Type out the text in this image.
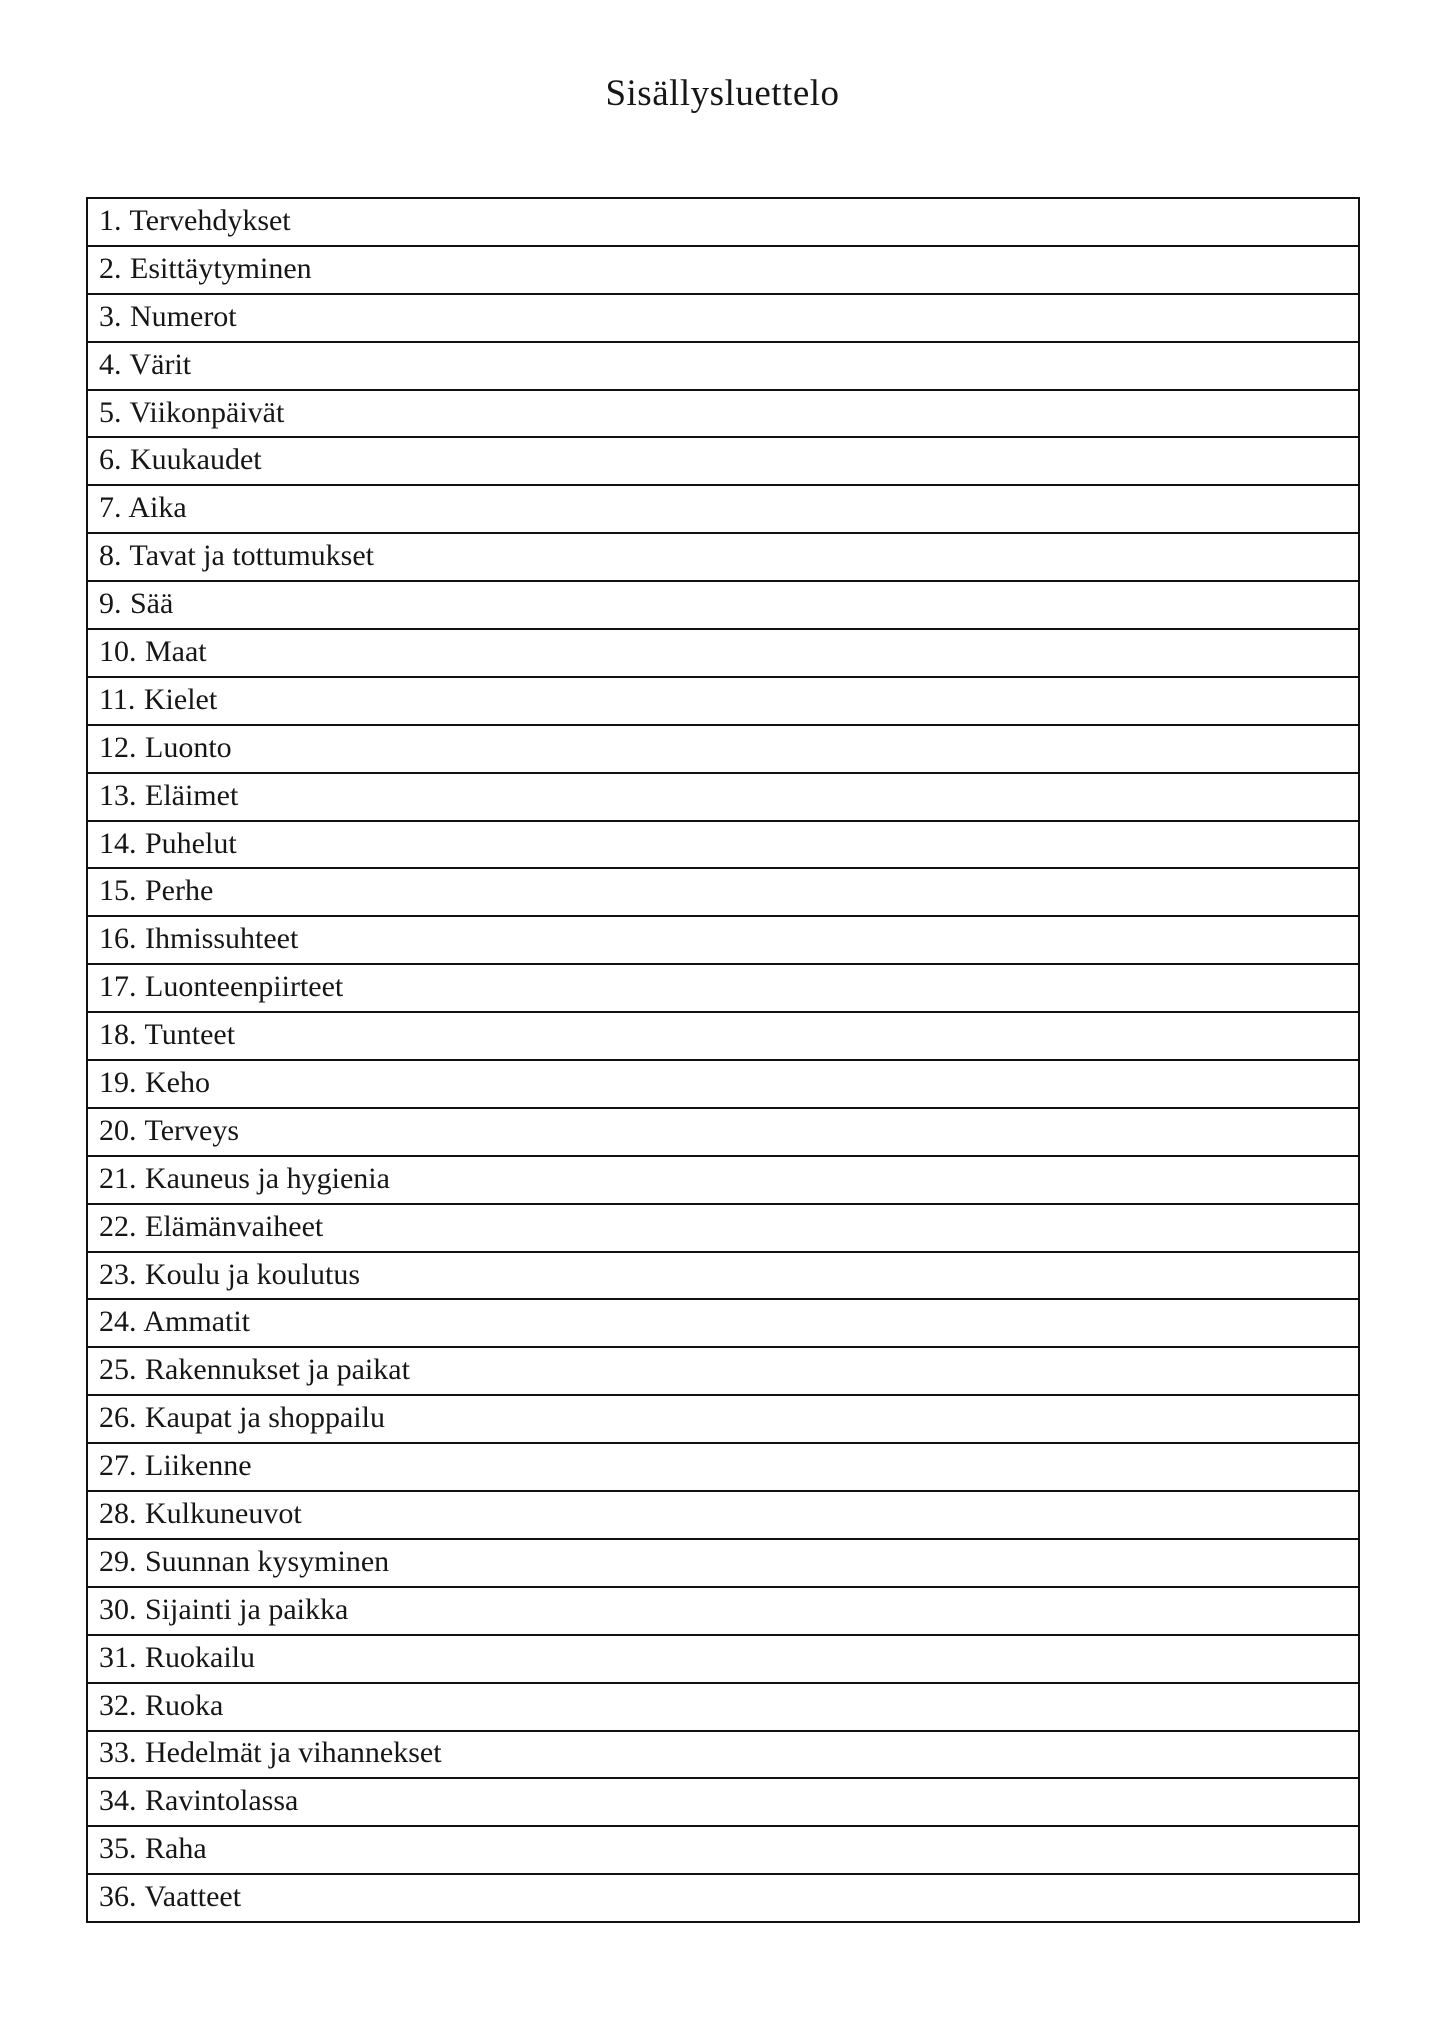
Sisällysluettelo
1. Tervehdykset
2. Esittäytyminen
3. Numerot
4. Värit
5. Viikonpäivät
6. Kuukaudet
7. Aika
8. Tavat ja tottumukset
9. Sää
10. Maat
11. Kielet
12. Luonto
13. Eläimet
14. Puhelut
15. Perhe
16. Ihmissuhteet
17. Luonteenpiirteet
18. Tunteet
19. Keho
20. Terveys
21. Kauneus ja hygienia
22. Elämänvaiheet
23. Koulu ja koulutus
24. Ammatit
25. Rakennukset ja paikat
26. Kaupat ja shoppailu
27. Liikenne
28. Kulkuneuvot
29. Suunnan kysyminen
30. Sijainti ja paikka
31. Ruokailu
32. Ruoka
33. Hedelmät ja vihannekset
34. Ravintolassa
35. Raha
36. Vaatteet
